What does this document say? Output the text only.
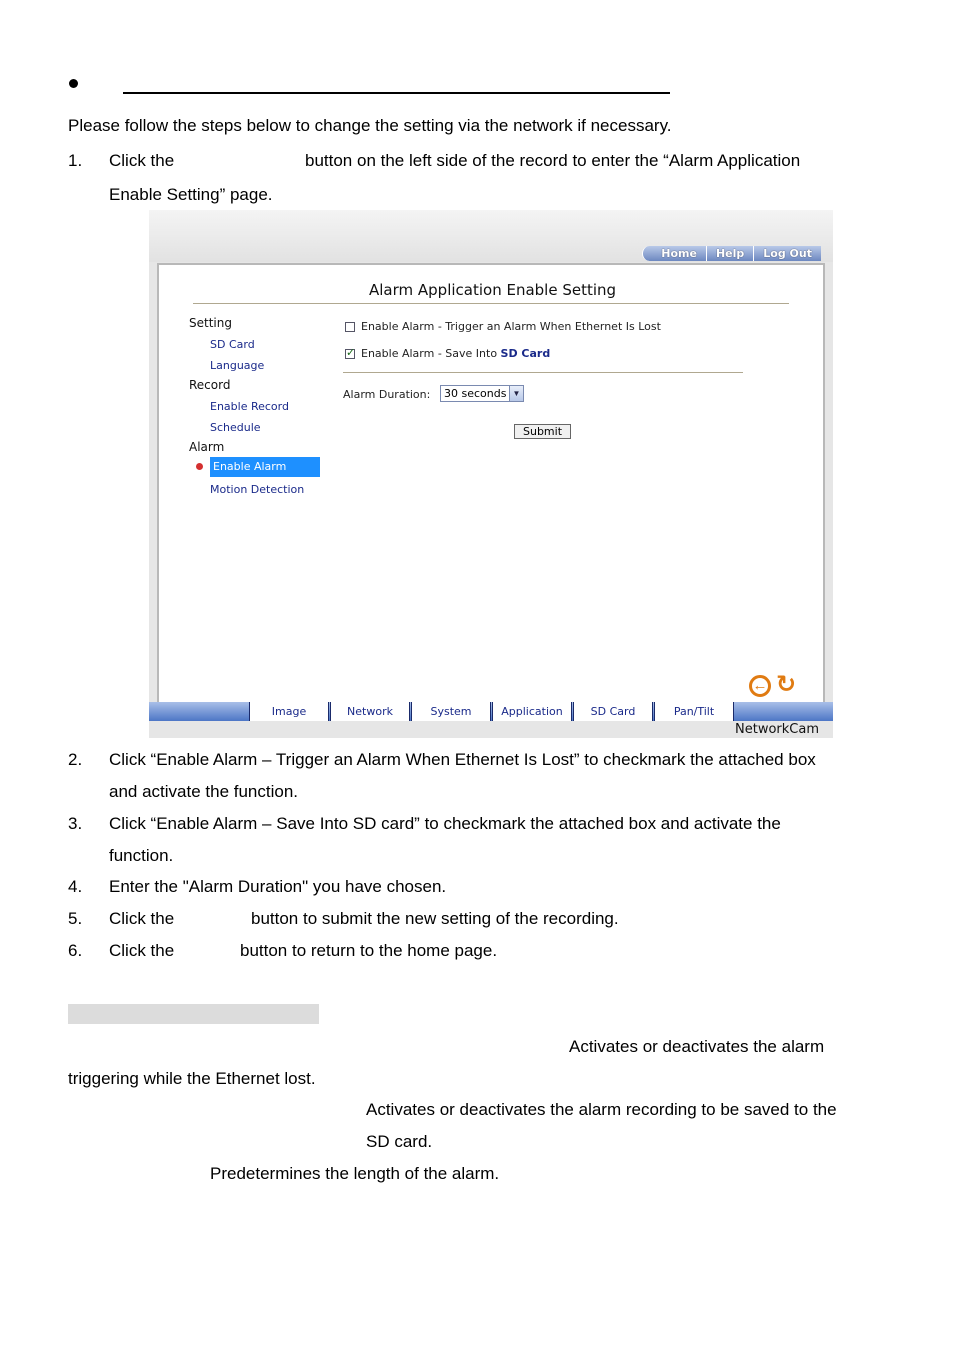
Please follow the steps below to change the setting via the network if necessary.
1. Click the	button on the left side of the record to enter the “Alarm Application
Enable Setting” page.
Home	Help	Log Out
Alarm Application Enable Setting
Setting
SD Card
Language
Record
Enable Record
Schedule
Alarm
Enable Alarm
Motion Detection
Enable Alarm - Trigger an Alarm When Ethernet Is Lost
✓
Enable Alarm - Save Into SD Card
Alarm Duration: 30 seconds ▼
Submit
← ↻
Image	Network	System	Application	SD Card	Pan/Tilt
NetworkCam
2. Click “Enable Alarm – Trigger an Alarm When Ethernet Is Lost” to checkmark the attached box
and activate the function.
3. Click “Enable Alarm – Save Into SD card” to checkmark the attached box and activate the
function.
4. Enter the "Alarm Duration" you have chosen.
5. Click the	button to submit the new setting of the recording.
6. Click the	button to return to the home page.
Activates or deactivates the alarm
triggering while the Ethernet lost.
Activates or deactivates the alarm recording to be saved to the
SD card.
Predetermines the length of the alarm.
